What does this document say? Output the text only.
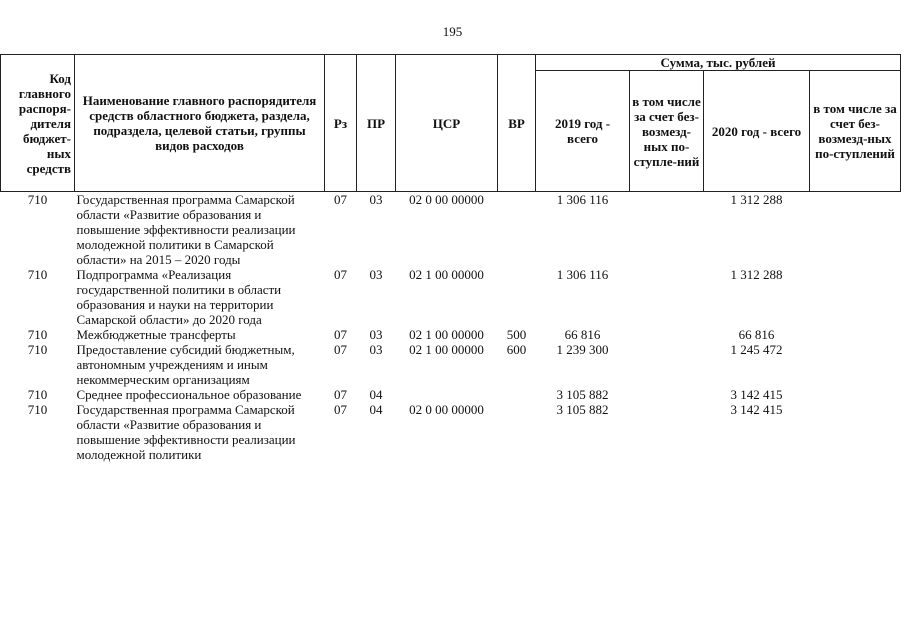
195
Код главного распоря-дителя бюджет-ных средств	Наименование главного распорядителя средств областного бюджета, раздела, подраздела, целевой статьи, группы видов расходов	Рз	ПР	ЦСР	ВР	Сумма, тыс. рублей			
						2019 год - всего	в том числе за счет без-возмезд-ных по-ступле-ний	2020 год - всего	в том числе за счет без-возмезд-ных по-ступлений
710	Государственная программа Самарской области «Развитие образования и повышение эффективности реализации молодежной политики в Самарской области» на 2015 – 2020 годы	07	03	02 0 00 00000		1 306 116		1 312 288	
710	Подпрограмма «Реализация государственной политики в области образования и науки на территории Самарской области» до 2020 года	07	03	02 1 00 00000		1 306 116		1 312 288	
710	Межбюджетные трансферты	07	03	02 1 00 00000	500	66 816		66 816	
710	Предоставление субсидий бюджетным, автономным учреждениям и иным некоммерческим организациям	07	03	02 1 00 00000	600	1 239 300		1 245 472	
710	Среднее профессиональное образование	07	04			3 105 882		3 142 415	
710	Государственная программа Самарской области «Развитие образования и повышение эффективности реализации молодежной политики	07	04	02 0 00 00000		3 105 882		3 142 415	
